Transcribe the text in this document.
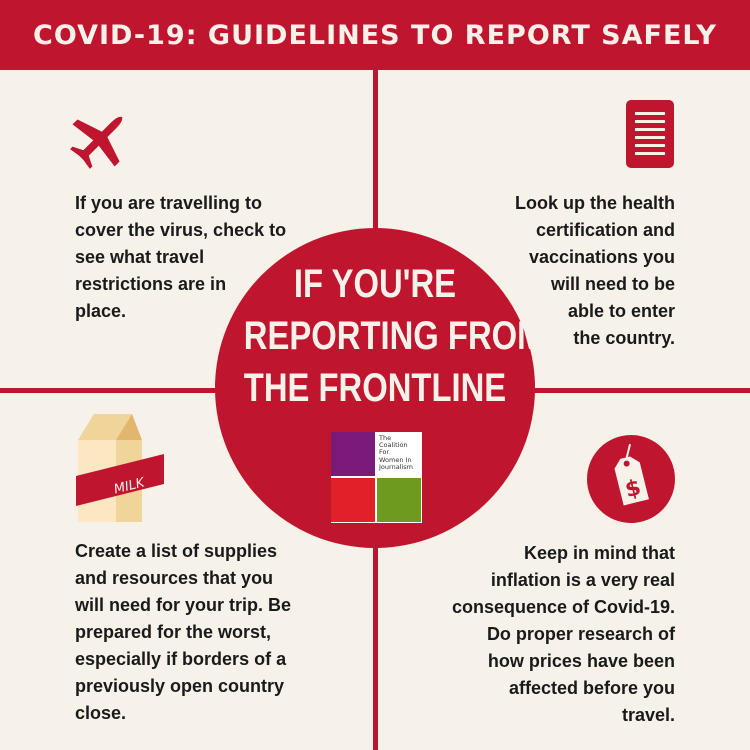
COVID-19: GUIDELINES TO REPORT SAFELY
If you are travelling to
cover the virus, check to
see what travel
restrictions are in
place.
Look up the health
certification and
vaccinations you
will need to be
able to enter
the country.
IF YOU'RE
REPORTING FROM
THE FRONTLINE
The
Coalition
For
Women In
Journalism
MILK
Create a list of supplies
and resources that you
will need for your trip. Be
prepared for the worst,
especially if borders of a
previously open country
close.
$
Keep in mind that
inflation is a very real
consequence of Covid-19.
Do proper research of
how prices have been
affected before you
travel.
